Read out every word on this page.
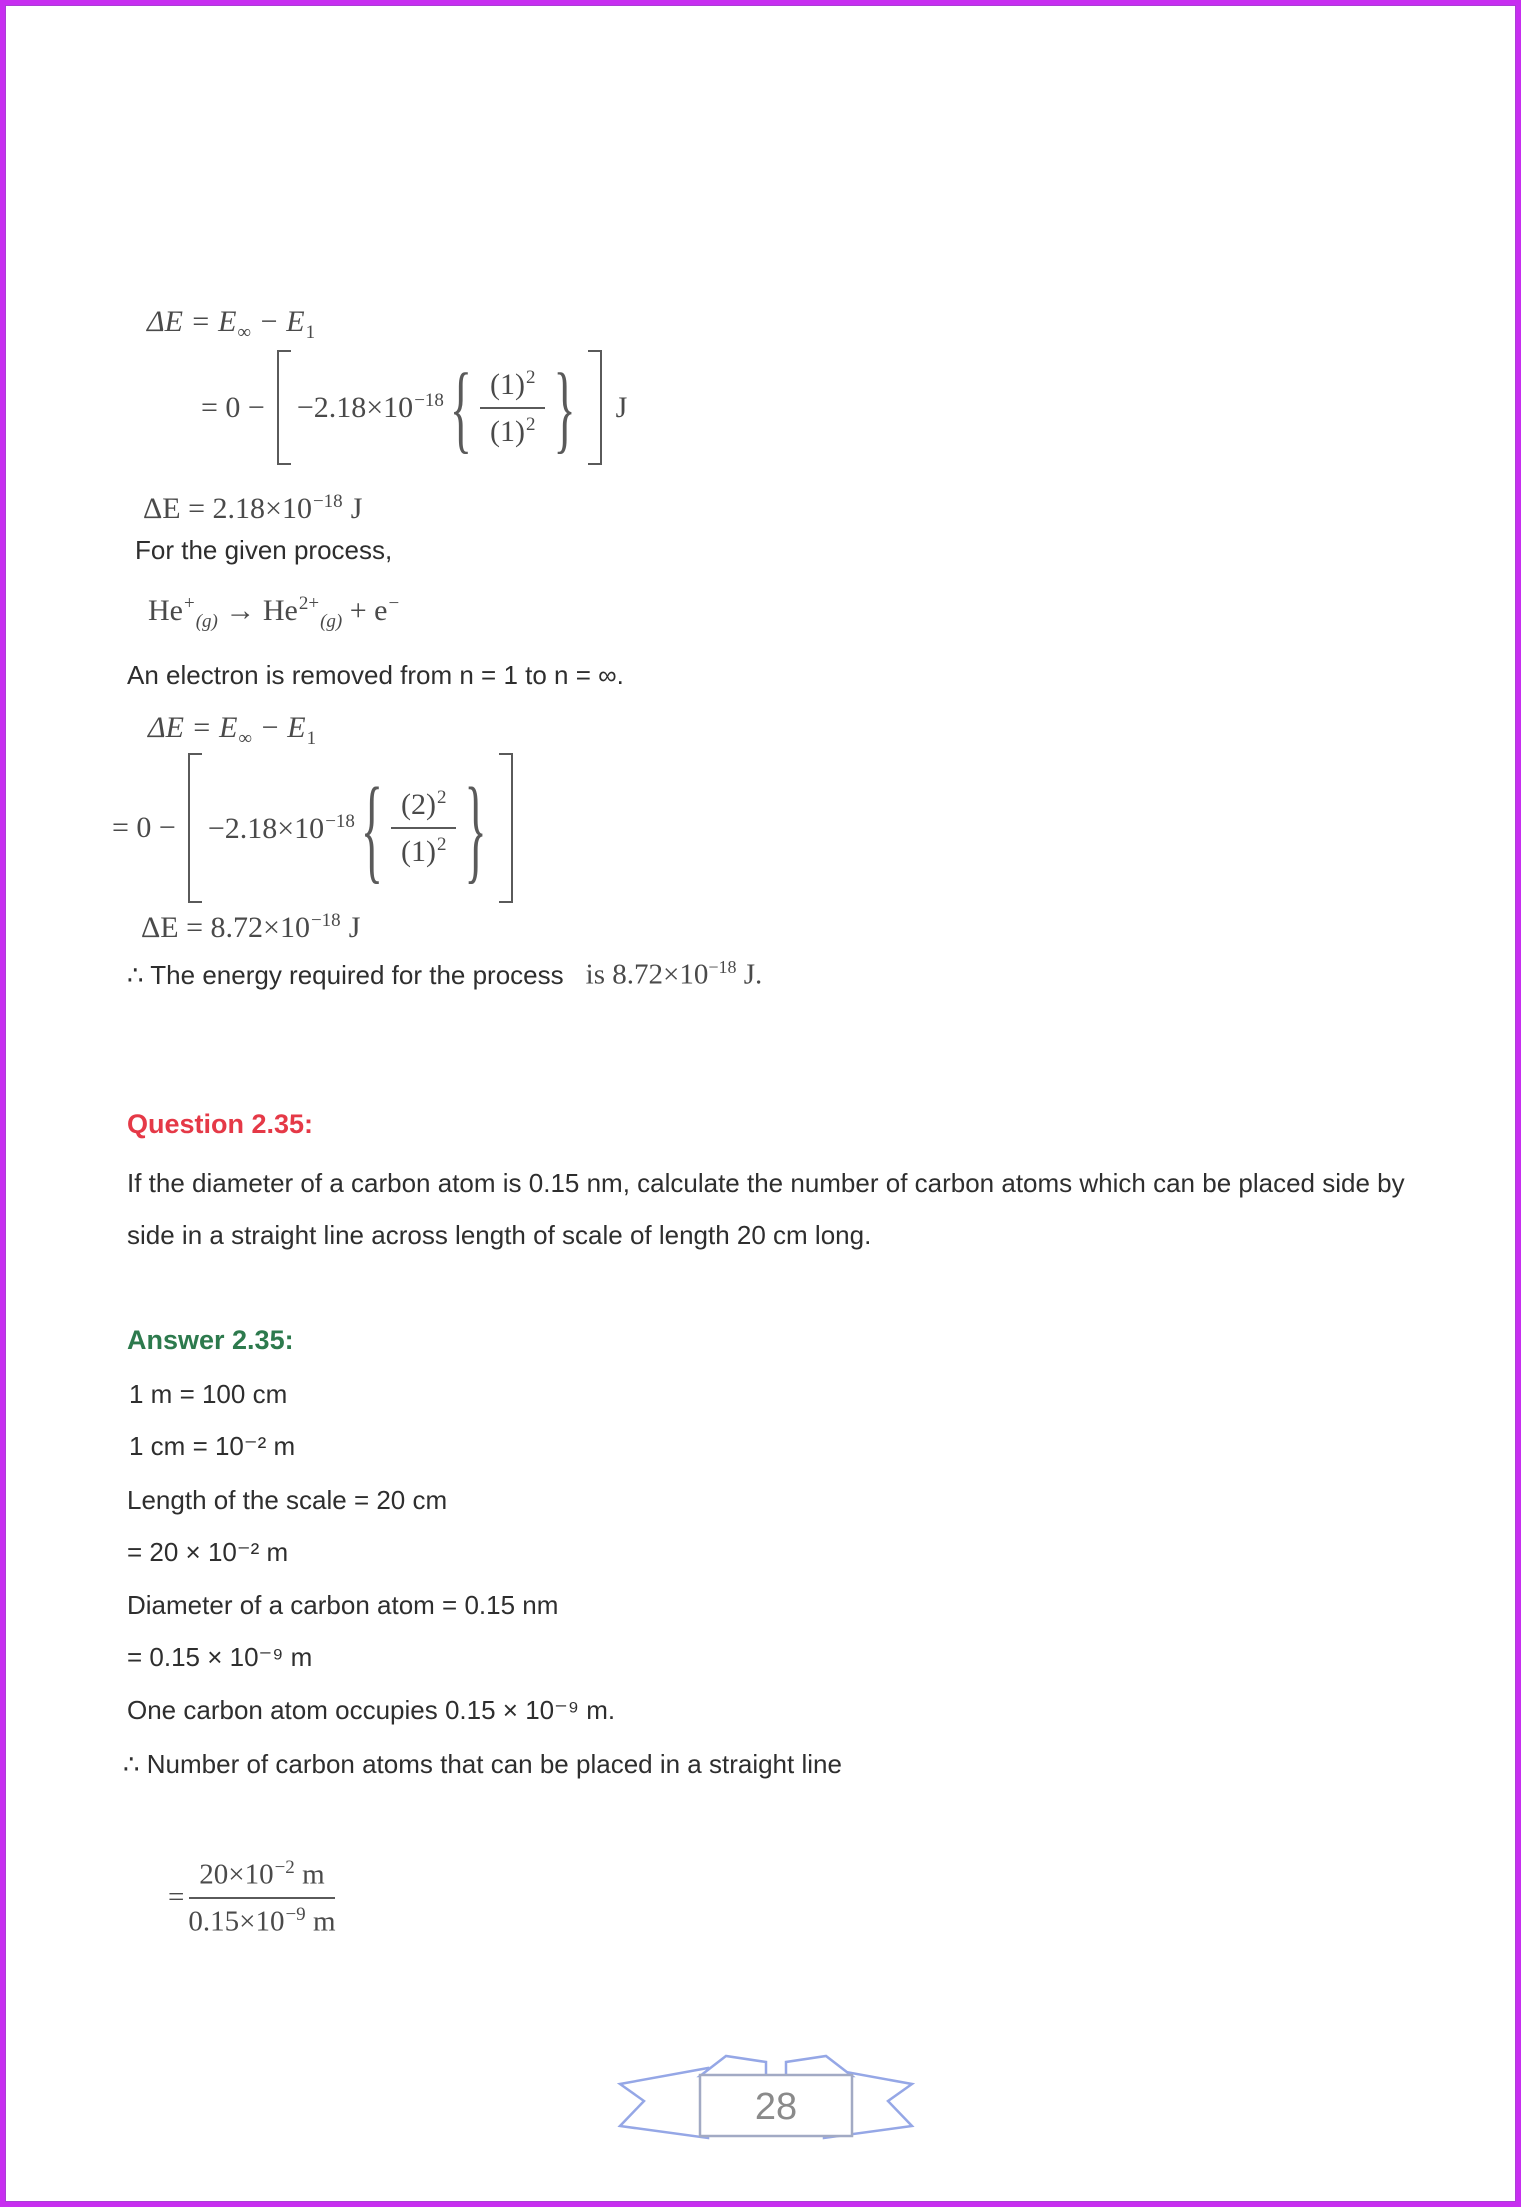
$\Delta E = E_\infty - E_1$
= $0 - -2.18\times 10^{-18}$ { $\frac{(1)^2}{(1)^2}$ } J
$\Delta E = 2.18\times 10^{-18}$ J
For the given process,
$He^+_{(g)} \to He^{2+}_{(g)} + e^-$
An electron is removed from n = 1 to n = ∞.
$\Delta E = E_\infty - E_1$
= $0 - -2.18\times 10^{-18}$ { $\frac{(2)^2}{(1)^2}$ }
$\Delta E = 8.72\times 10^{-18}$ J
∴ The energy required for the process is $8.72\times 10^{-18}$ J.
Question 2.35:
If the diameter of a carbon atom is 0.15 nm, calculate the number of carbon atoms which can be placed side by side in a straight line across length of scale of length 20 cm long.
Answer 2.35:
1 m = 100 cm
1 cm = 10⁻² m
Length of the scale = 20 cm
= 20 × 10⁻² m
Diameter of a carbon atom = 0.15 nm
= 0.15 × 10⁻⁹ m
One carbon atom occupies 0.15 × 10⁻⁹ m.
∴ Number of carbon atoms that can be placed in a straight line
= $\frac{20\times 10^{-2} m}{0.15\times 10^{-9} m}$
28
